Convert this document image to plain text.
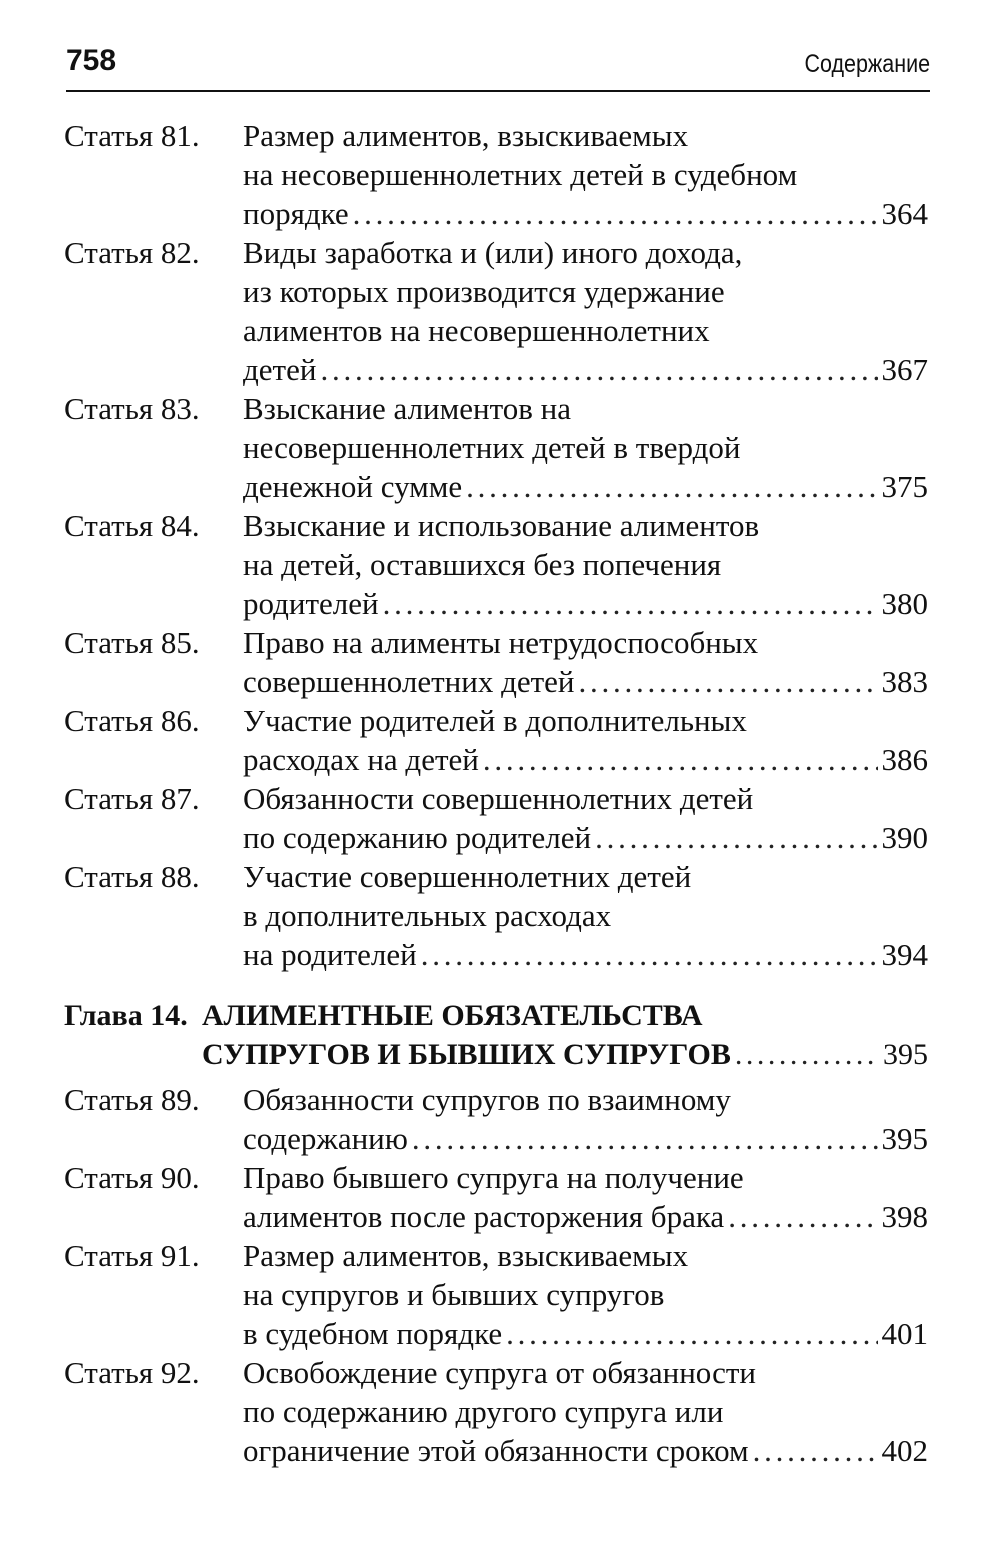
758	Содержание
Статья 81. Размер алиментов, взыскиваемых
на несовершеннолетних детей в судебном
порядке . . .	364
Статья 82. Виды заработка и (или) иного дохода,
из которых производится удержание
алиментов на несовершеннолетних
детей . . .	367
Статья 83. Взыскание алиментов на
несовершеннолетних детей в твердой
денежной сумме . . .	375
Статья 84. Взыскание и использование алиментов
на детей, оставшихся без попечения
родителей . . .	380
Статья 85. Право на алименты нетрудоспособных
совершеннолетних детей . . .	383
Статья 86. Участие родителей в дополнительных
расходах на детей . . .	386
Статья 87. Обязанности совершеннолетних детей
по содержанию родителей . . .	390
Статья 88. Участие совершеннолетних детей
в дополнительных расходах
на родителей . . .	394
Глава 14. АЛИМЕНТНЫЕ ОБЯЗАТЕЛЬСТВА
СУПРУГОВ И БЫВШИХ СУПРУГОВ . . .	395
Статья 89. Обязанности супругов по взаимному
содержанию . . .	395
Статья 90. Право бывшего супруга на получение
алиментов после расторжения брака . . .	398
Статья 91. Размер алиментов, взыскиваемых
на супругов и бывших супругов
в судебном порядке . . .	401
Статья 92. Освобождение супруга от обязанности
по содержанию другого супруга или
ограничение этой обязанности сроком . . .	402
